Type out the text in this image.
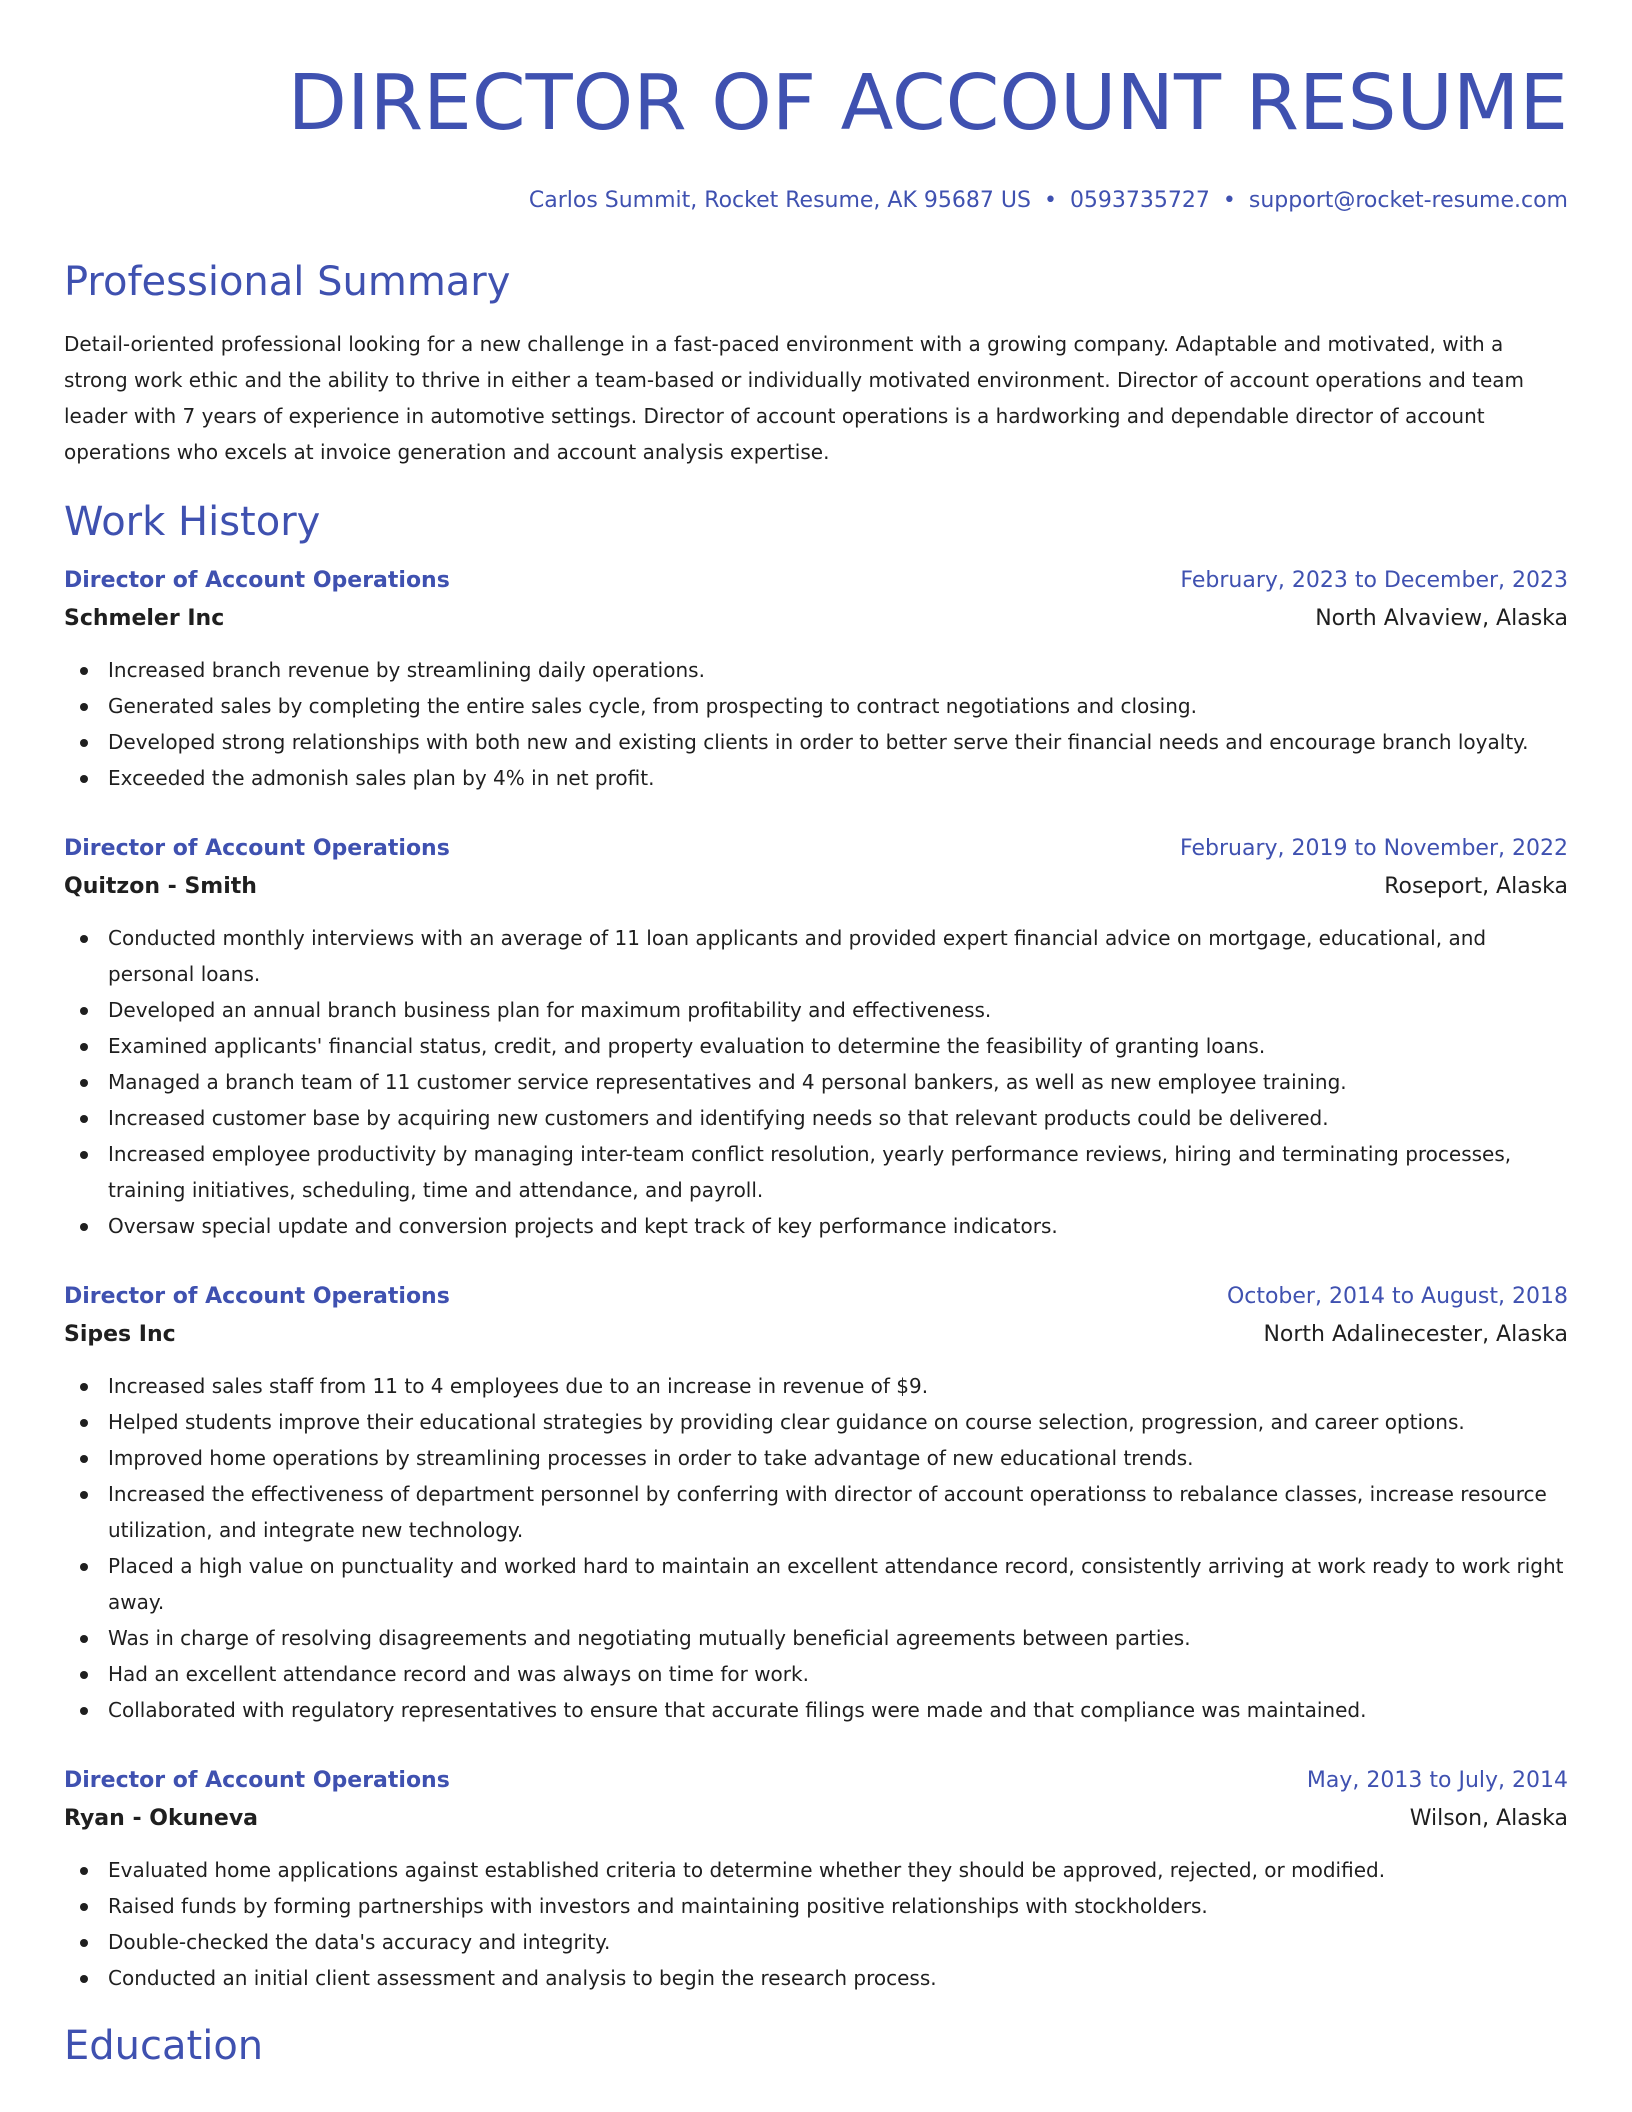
DIRECTOR OF ACCOUNT RESUME
Carlos Summit, Rocket Resume, AK 95687 US • 0593735727 • support@rocket-resume.com
Professional Summary
Detail-oriented professional looking for a new challenge in a fast-paced environment with a growing company. Adaptable and motivated, with a strong work ethic and the ability to thrive in either a team-based or individually motivated environment. Director of account operations and team leader with 7 years of experience in automotive settings. Director of account operations is a hardworking and dependable director of account operations who excels at invoice generation and account analysis expertise.
Work History
Director of Account Operations	February, 2023 to December, 2023
Schmeler Inc	North Alvaview, Alaska
Increased branch revenue by streamlining daily operations.
Generated sales by completing the entire sales cycle, from prospecting to contract negotiations and closing.
Developed strong relationships with both new and existing clients in order to better serve their financial needs and encourage branch loyalty.
Exceeded the admonish sales plan by 4% in net profit.
Director of Account Operations	February, 2019 to November, 2022
Quitzon - Smith	Roseport, Alaska
Conducted monthly interviews with an average of 11 loan applicants and provided expert financial advice on mortgage, educational, and personal loans.
Developed an annual branch business plan for maximum profitability and effectiveness.
Examined applicants' financial status, credit, and property evaluation to determine the feasibility of granting loans.
Managed a branch team of 11 customer service representatives and 4 personal bankers, as well as new employee training.
Increased customer base by acquiring new customers and identifying needs so that relevant products could be delivered.
Increased employee productivity by managing inter-team conflict resolution, yearly performance reviews, hiring and terminating processes, training initiatives, scheduling, time and attendance, and payroll.
Oversaw special update and conversion projects and kept track of key performance indicators.
Director of Account Operations	October, 2014 to August, 2018
Sipes Inc	North Adalinecester, Alaska
Increased sales staff from 11 to 4 employees due to an increase in revenue of $9.
Helped students improve their educational strategies by providing clear guidance on course selection, progression, and career options.
Improved home operations by streamlining processes in order to take advantage of new educational trends.
Increased the effectiveness of department personnel by conferring with director of account operationss to rebalance classes, increase resource utilization, and integrate new technology.
Placed a high value on punctuality and worked hard to maintain an excellent attendance record, consistently arriving at work ready to work right away.
Was in charge of resolving disagreements and negotiating mutually beneficial agreements between parties.
Had an excellent attendance record and was always on time for work.
Collaborated with regulatory representatives to ensure that accurate filings were made and that compliance was maintained.
Director of Account Operations	May, 2013 to July, 2014
Ryan - Okuneva	Wilson, Alaska
Evaluated home applications against established criteria to determine whether they should be approved, rejected, or modified.
Raised funds by forming partnerships with investors and maintaining positive relationships with stockholders.
Double-checked the data's accuracy and integrity.
Conducted an initial client assessment and analysis to begin the research process.
Education
